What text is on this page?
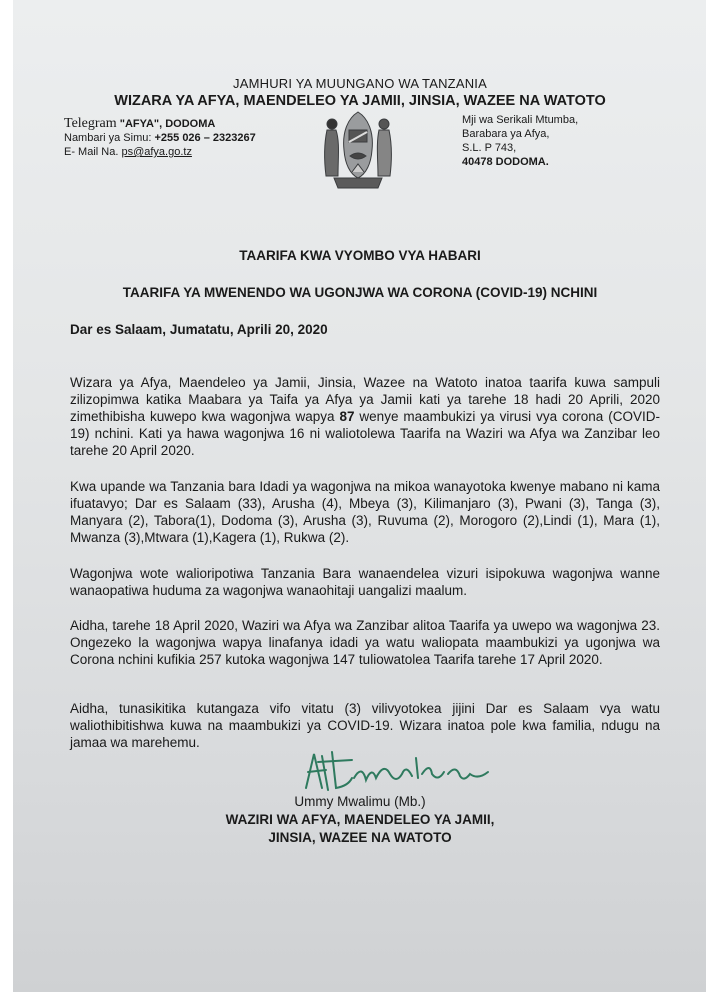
JAMHURI YA MUUNGANO WA TANZANIA
WIZARA YA AFYA, MAENDELEO YA JAMII, JINSIA, WAZEE NA WATOTO
Telegram "AFYA", DODOMA
Nambari ya Simu: +255 026 – 2323267
E- Mail Na. ps@afya.go.tz
Mji wa Serikali Mtumba,
Barabara ya Afya,
S.L. P 743,
40478 DODOMA.
TAARIFA KWA VYOMBO VYA HABARI
TAARIFA YA MWENENDO WA UGONJWA WA CORONA (COVID-19) NCHINI
Dar es Salaam, Jumatatu, Aprili 20, 2020
Wizara ya Afya, Maendeleo ya Jamii, Jinsia, Wazee na Watoto inatoa taarifa kuwa sampuli zilizopimwa katika Maabara ya Taifa ya Afya ya Jamii kati ya tarehe 18 hadi 20 Aprili, 2020 zimethibisha kuwepo kwa wagonjwa wapya 87 wenye maambukizi ya virusi vya corona (COVID-19) nchini. Kati ya hawa wagonjwa 16 ni waliotolewa Taarifa na Waziri wa Afya wa Zanzibar leo tarehe 20 April 2020.
Kwa upande wa Tanzania bara Idadi ya wagonjwa na mikoa wanayotoka kwenye mabano ni kama ifuatavyo; Dar es Salaam (33), Arusha (4), Mbeya (3), Kilimanjaro (3), Pwani (3), Tanga (3), Manyara (2), Tabora(1), Dodoma (3), Arusha (3), Ruvuma (2), Morogoro (2),Lindi (1), Mara (1), Mwanza (3),Mtwara (1),Kagera (1), Rukwa (2).
Wagonjwa wote walioripotiwa Tanzania Bara wanaendelea vizuri isipokuwa wagonjwa wanne wanaopatiwa huduma za wagonjwa wanaohitaji uangalizi maalum.
Aidha, tarehe 18 April 2020, Waziri wa Afya wa Zanzibar alitoa Taarifa ya uwepo wa wagonjwa 23. Ongezeko la wagonjwa wapya linafanya idadi ya watu waliopata maambukizi ya ugonjwa wa Corona nchini kufikia 257 kutoka wagonjwa 147 tuliowatolea Taarifa tarehe 17 April 2020.
Aidha, tunasikitika kutangaza vifo vitatu (3) vilivyotokea jijini Dar es Salaam vya watu waliothibitishwa kuwa na maambukizi ya COVID-19. Wizara inatoa pole kwa familia, ndugu na jamaa wa marehemu.
Ummy Mwalimu (Mb.)
WAZIRI WA AFYA, MAENDELEO YA JAMII,
JINSIA, WAZEE NA WATOTO
